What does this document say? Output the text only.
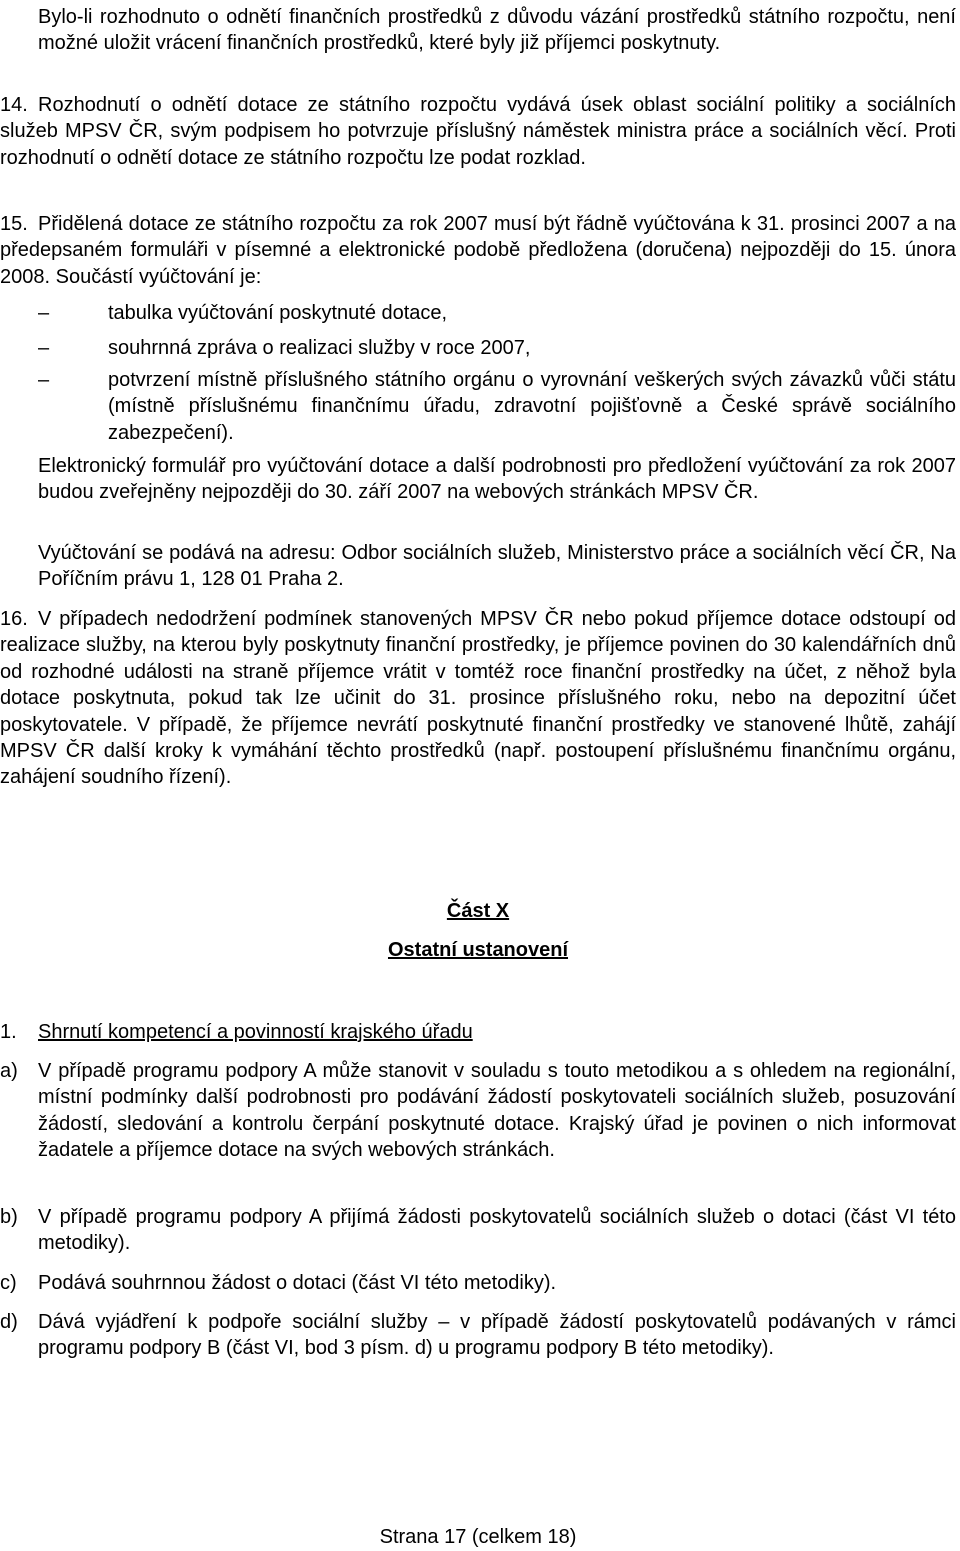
Bylo-li rozhodnuto o odnětí finančních prostředků z důvodu vázání prostředků státního rozpočtu, není možné uložit vrácení finančních prostředků, které byly již příjemci poskytnuty.

14. Rozhodnutí o odnětí dotace ze státního rozpočtu vydává úsek oblast sociální politiky a sociálních služeb MPSV ČR, svým podpisem ho potvrzuje příslušný náměstek ministra práce a sociálních věcí. Proti rozhodnutí o odnětí dotace ze státního rozpočtu lze podat rozklad.
15. Přidělená dotace ze státního rozpočtu za rok 2007 musí být řádně vyúčtována k 31. prosinci 2007 a na předepsaném formuláři v písemné a elektronické podobě předložena (doručena) nejpozději do 15. února 2008. Součástí vyúčtování je:
–	tabulka vyúčtování poskytnuté dotace,
–	souhrnná zpráva o realizaci služby v roce 2007,
–	potvrzení místně příslušného státního orgánu o vyrovnání veškerých svých závazků vůči státu (místně příslušnému finančnímu úřadu, zdravotní pojišťovně a České správě sociálního zabezpečení).

Elektronický formulář pro vyúčtování dotace a další podrobnosti pro předložení vyúčtování za rok 2007 budou zveřejněny nejpozději do 30. září 2007 na webových stránkách MPSV ČR.

Vyúčtování se podává na adresu: Odbor sociálních služeb, Ministerstvo práce a sociálních věcí ČR, Na Poříčním právu 1, 128 01 Praha 2.

16. V případech nedodržení podmínek stanovených MPSV ČR nebo pokud příjemce dotace odstoupí od realizace služby, na kterou byly poskytnuty finanční prostředky, je příjemce povinen do 30 kalendářních dnů od rozhodné události na straně příjemce vrátit v tomtéž roce finanční prostředky na účet, z něhož byla dotace poskytnuta, pokud tak lze učinit do 31. prosince příslušného roku, nebo na depozitní účet poskytovatele. V případě, že příjemce nevrátí poskytnuté finanční prostředky ve stanovené lhůtě, zahájí MPSV ČR další kroky k vymáhání těchto prostředků (např. postoupení příslušnému finančnímu orgánu, zahájení soudního řízení).
Část X
Ostatní ustanovení
1. Shrnutí kompetencí a povinností krajského úřadu
a) V případě programu podpory A může stanovit v souladu s touto metodikou a s ohledem na regionální, místní podmínky další podrobnosti pro podávání žádostí poskytovateli sociálních služeb, posuzování žádostí, sledování a kontrolu čerpání poskytnuté dotace. Krajský úřad je povinen o nich informovat žadatele a příjemce dotace na svých webových stránkách.
b) V případě programu podpory A přijímá žádosti poskytovatelů sociálních služeb o dotaci (část VI této metodiky).
c) Podává souhrnnou žádost o dotaci (část VI této metodiky).
d) Dává vyjádření k podpoře sociální služby – v případě žádostí poskytovatelů podávaných v rámci programu podpory B (část VI, bod 3 písm. d) u programu podpory B této metodiky).
Strana 17 (celkem 18)
